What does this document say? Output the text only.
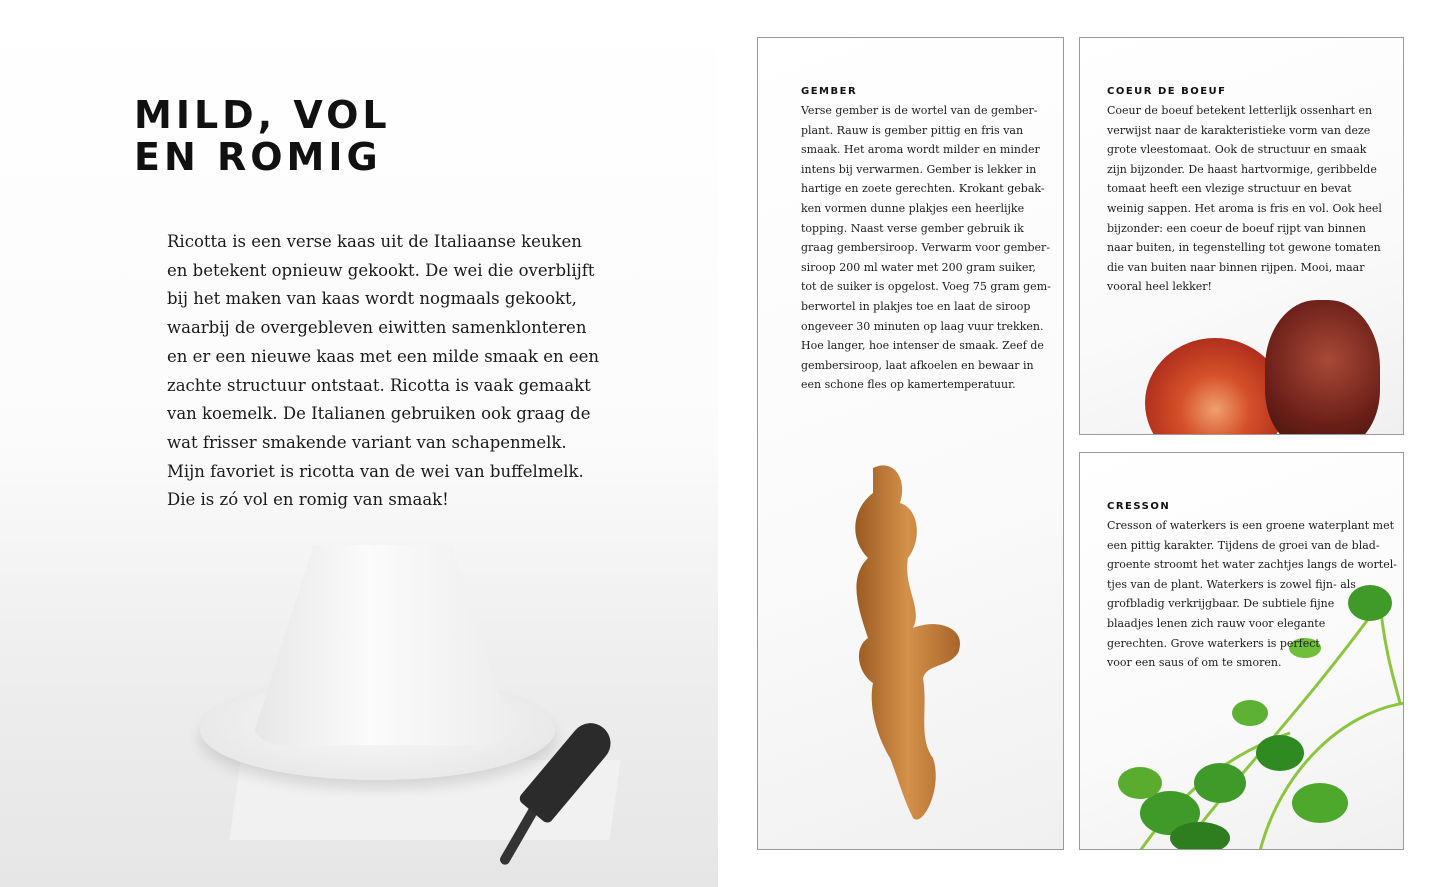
MILD, VOL
EN ROMIG

Ricotta is een verse kaas uit de Italiaanse keuken
en betekent opnieuw gekookt. De wei die overblijft
bij het maken van kaas wordt nogmaals gekookt,
waarbij de overgebleven eiwitten samenklonteren
en er een nieuwe kaas met een milde smaak en een
zachte structuur ontstaat. Ricotta is vaak gemaakt
van koemelk. De Italianen gebruiken ook graag de
wat frisser smakende variant van schapenmelk.
Mijn favoriet is ricotta van de wei van buffelmelk.
Die is zó vol en romig van smaak!

GEMBER
Verse gember is de wortel van de gember-
plant. Rauw is gember pittig en fris van
smaak. Het aroma wordt milder en minder
intens bij verwarmen. Gember is lekker in
hartige en zoete gerechten. Krokant gebak-
ken vormen dunne plakjes een heerlijke
topping. Naast verse gember gebruik ik
graag gembersiroop. Verwarm voor gember-
siroop 200 ml water met 200 gram suiker,
tot de suiker is opgelost. Voeg 75 gram gem-
berwortel in plakjes toe en laat de siroop
ongeveer 30 minuten op laag vuur trekken.
Hoe langer, hoe intenser de smaak. Zeef de
gembersiroop, laat afkoelen en bewaar in
een schone fles op kamertemperatuur.
COEUR DE BOEUF
Coeur de boeuf betekent letterlijk ossenhart en
verwijst naar de karakteristieke vorm van deze
grote vleestomaat. Ook de structuur en smaak
zijn bijzonder. De haast hartvormige, geribbelde
tomaat heeft een vlezige structuur en bevat
weinig sappen. Het aroma is fris en vol. Ook heel
bijzonder: een coeur de boeuf rijpt van binnen
naar buiten, in tegenstelling tot gewone tomaten
die van buiten naar binnen rijpen. Mooi, maar
vooral heel lekker!
CRESSON
Cresson of waterkers is een groene waterplant met
een pittig karakter. Tijdens de groei van de blad-
groente stroomt het water zachtjes langs de wortel-
tjes van de plant. Waterkers is zowel fijn- als
grofbladig verkrijgbaar. De subtiele fijne
blaadjes lenen zich rauw voor elegante
gerechten. Grove waterkers is perfect
voor een saus of om te smoren.
